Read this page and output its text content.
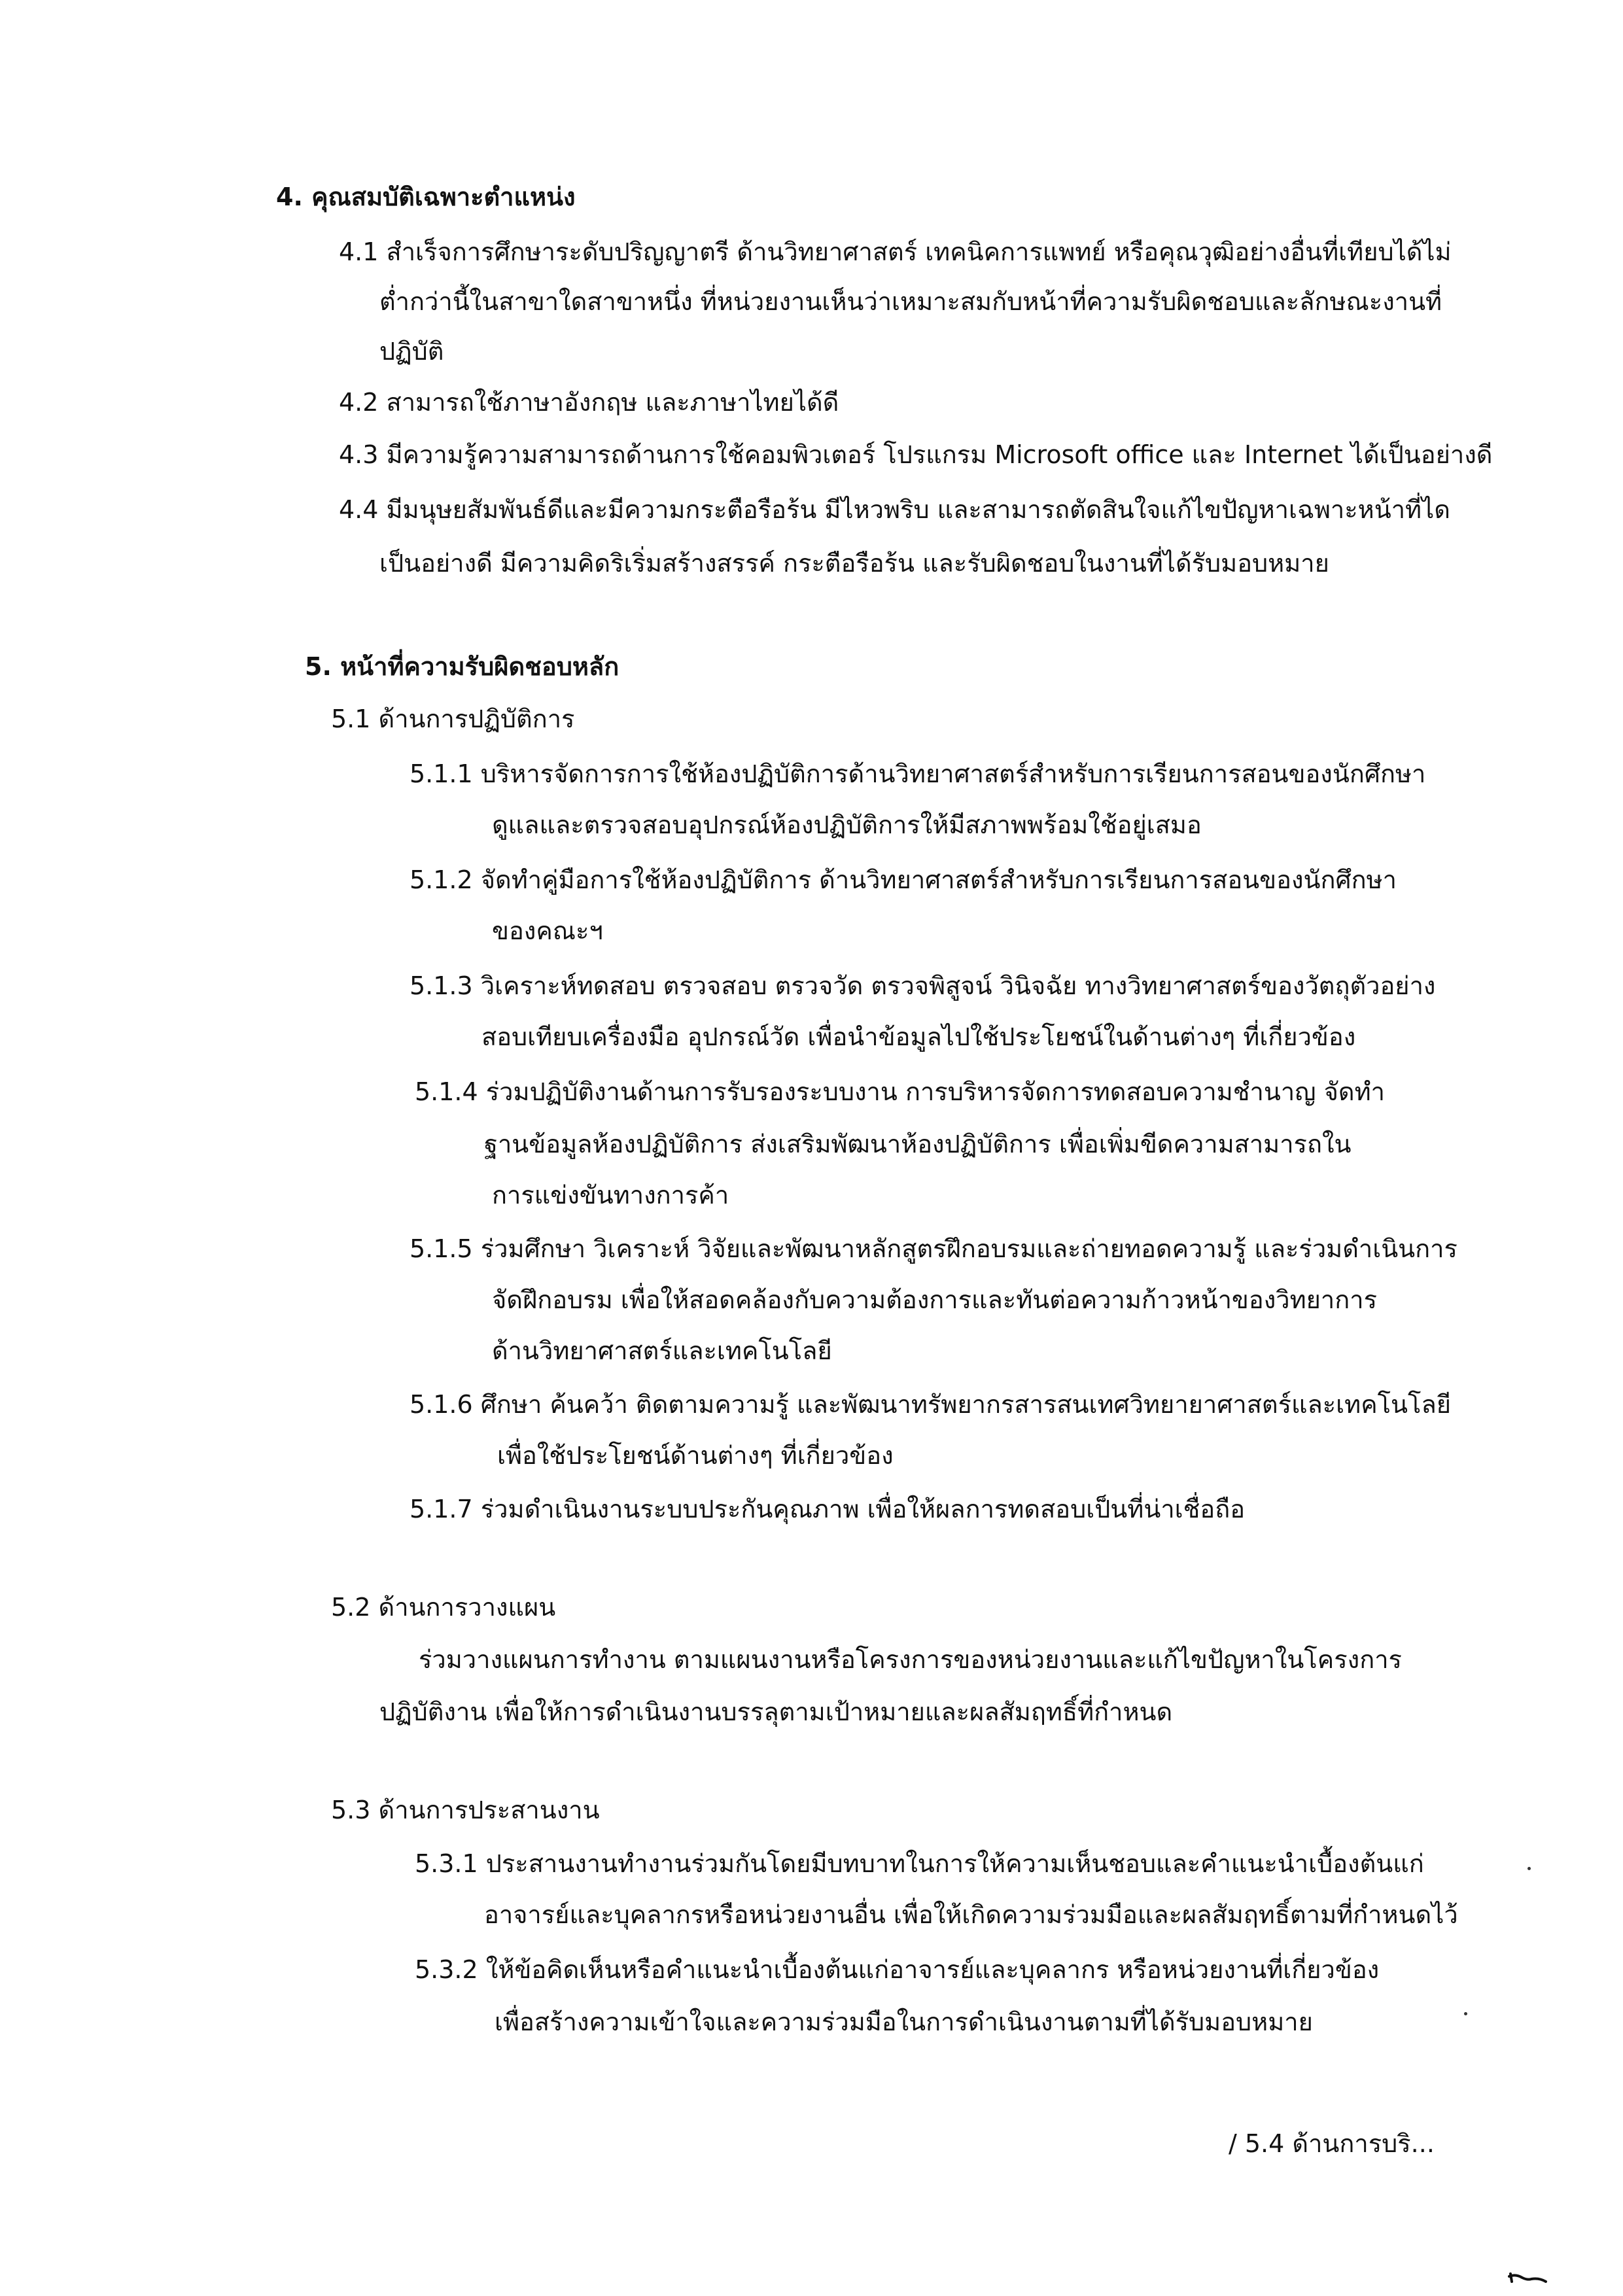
4. คุณสมบัติเฉพาะตำแหน่ง
4.1 สำเร็จการศึกษาระดับปริญญาตรี ด้านวิทยาศาสตร์ เทคนิคการแพทย์ หรือคุณวุฒิอย่างอื่นที่เทียบได้ไม่
ต่ำกว่านี้ในสาขาใดสาขาหนึ่ง ที่หน่วยงานเห็นว่าเหมาะสมกับหน้าที่ความรับผิดชอบและลักษณะงานที่
ปฏิบัติ
4.2 สามารถใช้ภาษาอังกฤษ และภาษาไทยได้ดี
4.3 มีความรู้ความสามารถด้านการใช้คอมพิวเตอร์ โปรแกรม Microsoft office และ Internet ได้เป็นอย่างดี
4.4 มีมนุษยสัมพันธ์ดีและมีความกระตือรือร้น มีไหวพริบ และสามารถตัดสินใจแก้ไขปัญหาเฉพาะหน้าที่ได
เป็นอย่างดี มีความคิดริเริ่มสร้างสรรค์ กระตือรือร้น และรับผิดชอบในงานที่ได้รับมอบหมาย
5. หน้าที่ความรับผิดชอบหลัก
5.1 ด้านการปฏิบัติการ
5.1.1 บริหารจัดการการใช้ห้องปฏิบัติการด้านวิทยาศาสตร์สำหรับการเรียนการสอนของนักศึกษา
ดูแลและตรวจสอบอุปกรณ์ห้องปฏิบัติการให้มีสภาพพร้อมใช้อยู่เสมอ
5.1.2 จัดทำคู่มือการใช้ห้องปฏิบัติการ ด้านวิทยาศาสตร์สำหรับการเรียนการสอนของนักศึกษา
ของคณะฯ
5.1.3 วิเคราะห์ทดสอบ ตรวจสอบ ตรวจวัด ตรวจพิสูจน์ วินิจฉัย ทางวิทยาศาสตร์ของวัตถุตัวอย่าง
สอบเทียบเครื่องมือ อุปกรณ์วัด เพื่อนำข้อมูลไปใช้ประโยชน์ในด้านต่างๆ ที่เกี่ยวข้อง
5.1.4 ร่วมปฏิบัติงานด้านการรับรองระบบงาน การบริหารจัดการทดสอบความชำนาญ จัดทำ
ฐานข้อมูลห้องปฏิบัติการ ส่งเสริมพัฒนาห้องปฏิบัติการ เพื่อเพิ่มขีดความสามารถใน
การแข่งขันทางการค้า
5.1.5 ร่วมศึกษา วิเคราะห์ วิจัยและพัฒนาหลักสูตรฝึกอบรมและถ่ายทอดความรู้ และร่วมดำเนินการ
จัดฝึกอบรม เพื่อให้สอดคล้องกับความต้องการและทันต่อความก้าวหน้าของวิทยาการ
ด้านวิทยาศาสตร์และเทคโนโลยี
5.1.6 ศึกษา ค้นคว้า ติดตามความรู้ และพัฒนาทรัพยากรสารสนเทศวิทยายาศาสตร์และเทคโนโลยี
เพื่อใช้ประโยชน์ด้านต่างๆ ที่เกี่ยวข้อง
5.1.7 ร่วมดำเนินงานระบบประกันคุณภาพ เพื่อให้ผลการทดสอบเป็นที่น่าเชื่อถือ
5.2 ด้านการวางแผน
ร่วมวางแผนการทำงาน ตามแผนงานหรือโครงการของหน่วยงานและแก้ไขปัญหาในโครงการ
ปฏิบัติงาน เพื่อให้การดำเนินงานบรรลุตามเป้าหมายและผลสัมฤทธิ์ที่กำหนด
5.3 ด้านการประสานงาน
5.3.1 ประสานงานทำงานร่วมกันโดยมีบทบาทในการให้ความเห็นชอบและคำแนะนำเบื้องต้นแก่
อาจารย์และบุคลากรหรือหน่วยงานอื่น เพื่อให้เกิดความร่วมมือและผลสัมฤทธิ์ตามที่กำหนดไว้
5.3.2 ให้ข้อคิดเห็นหรือคำแนะนำเบื้องต้นแก่อาจารย์และบุคลากร หรือหน่วยงานที่เกี่ยวข้อง
เพื่อสร้างความเข้าใจและความร่วมมือในการดำเนินงานตามที่ได้รับมอบหมาย
/ 5.4 ด้านการบริ...
